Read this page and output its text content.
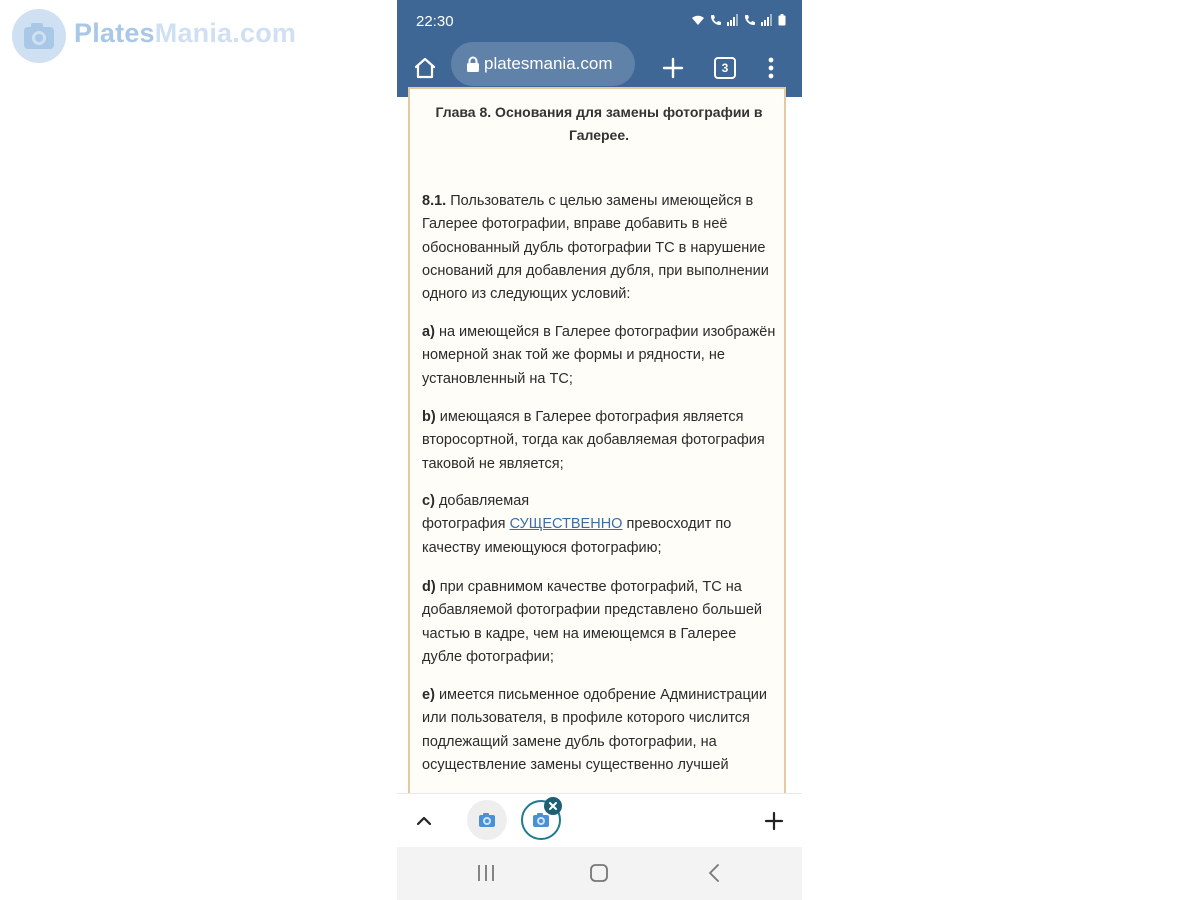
PlatesMania.com	22:30
platesmania.com	3
Глава 8. Основания для замены фотографии в Галерее.

8.1. Пользователь с целью замены имеющейся в Галерее фотографии, вправе добавить в неё обоснованный дубль фотографии ТС в нарушение оснований для добавления дубля, при выполнении одного из следующих условий:

а) на имеющейся в Галерее фотографии изображён номерной знак той же формы и рядности, не установленный на ТС;

b) имеющаяся в Галерее фотография является второсортной, тогда как добавляемая фотография таковой не является;

c) добавляемая
фотография СУЩЕСТВЕННО превосходит по качеству имеющуюся фотографию;

d) при сравнимом качестве фотографий, ТС на добавляемой фотографии представлено большей частью в кадре, чем на имеющемся в Галерее дубле фотографии;

e) имеется письменное одобрение Администрации или пользователя, в профиле которого числится подлежащий замене дубль фотографии, на осуществление замены существенно лучшей
